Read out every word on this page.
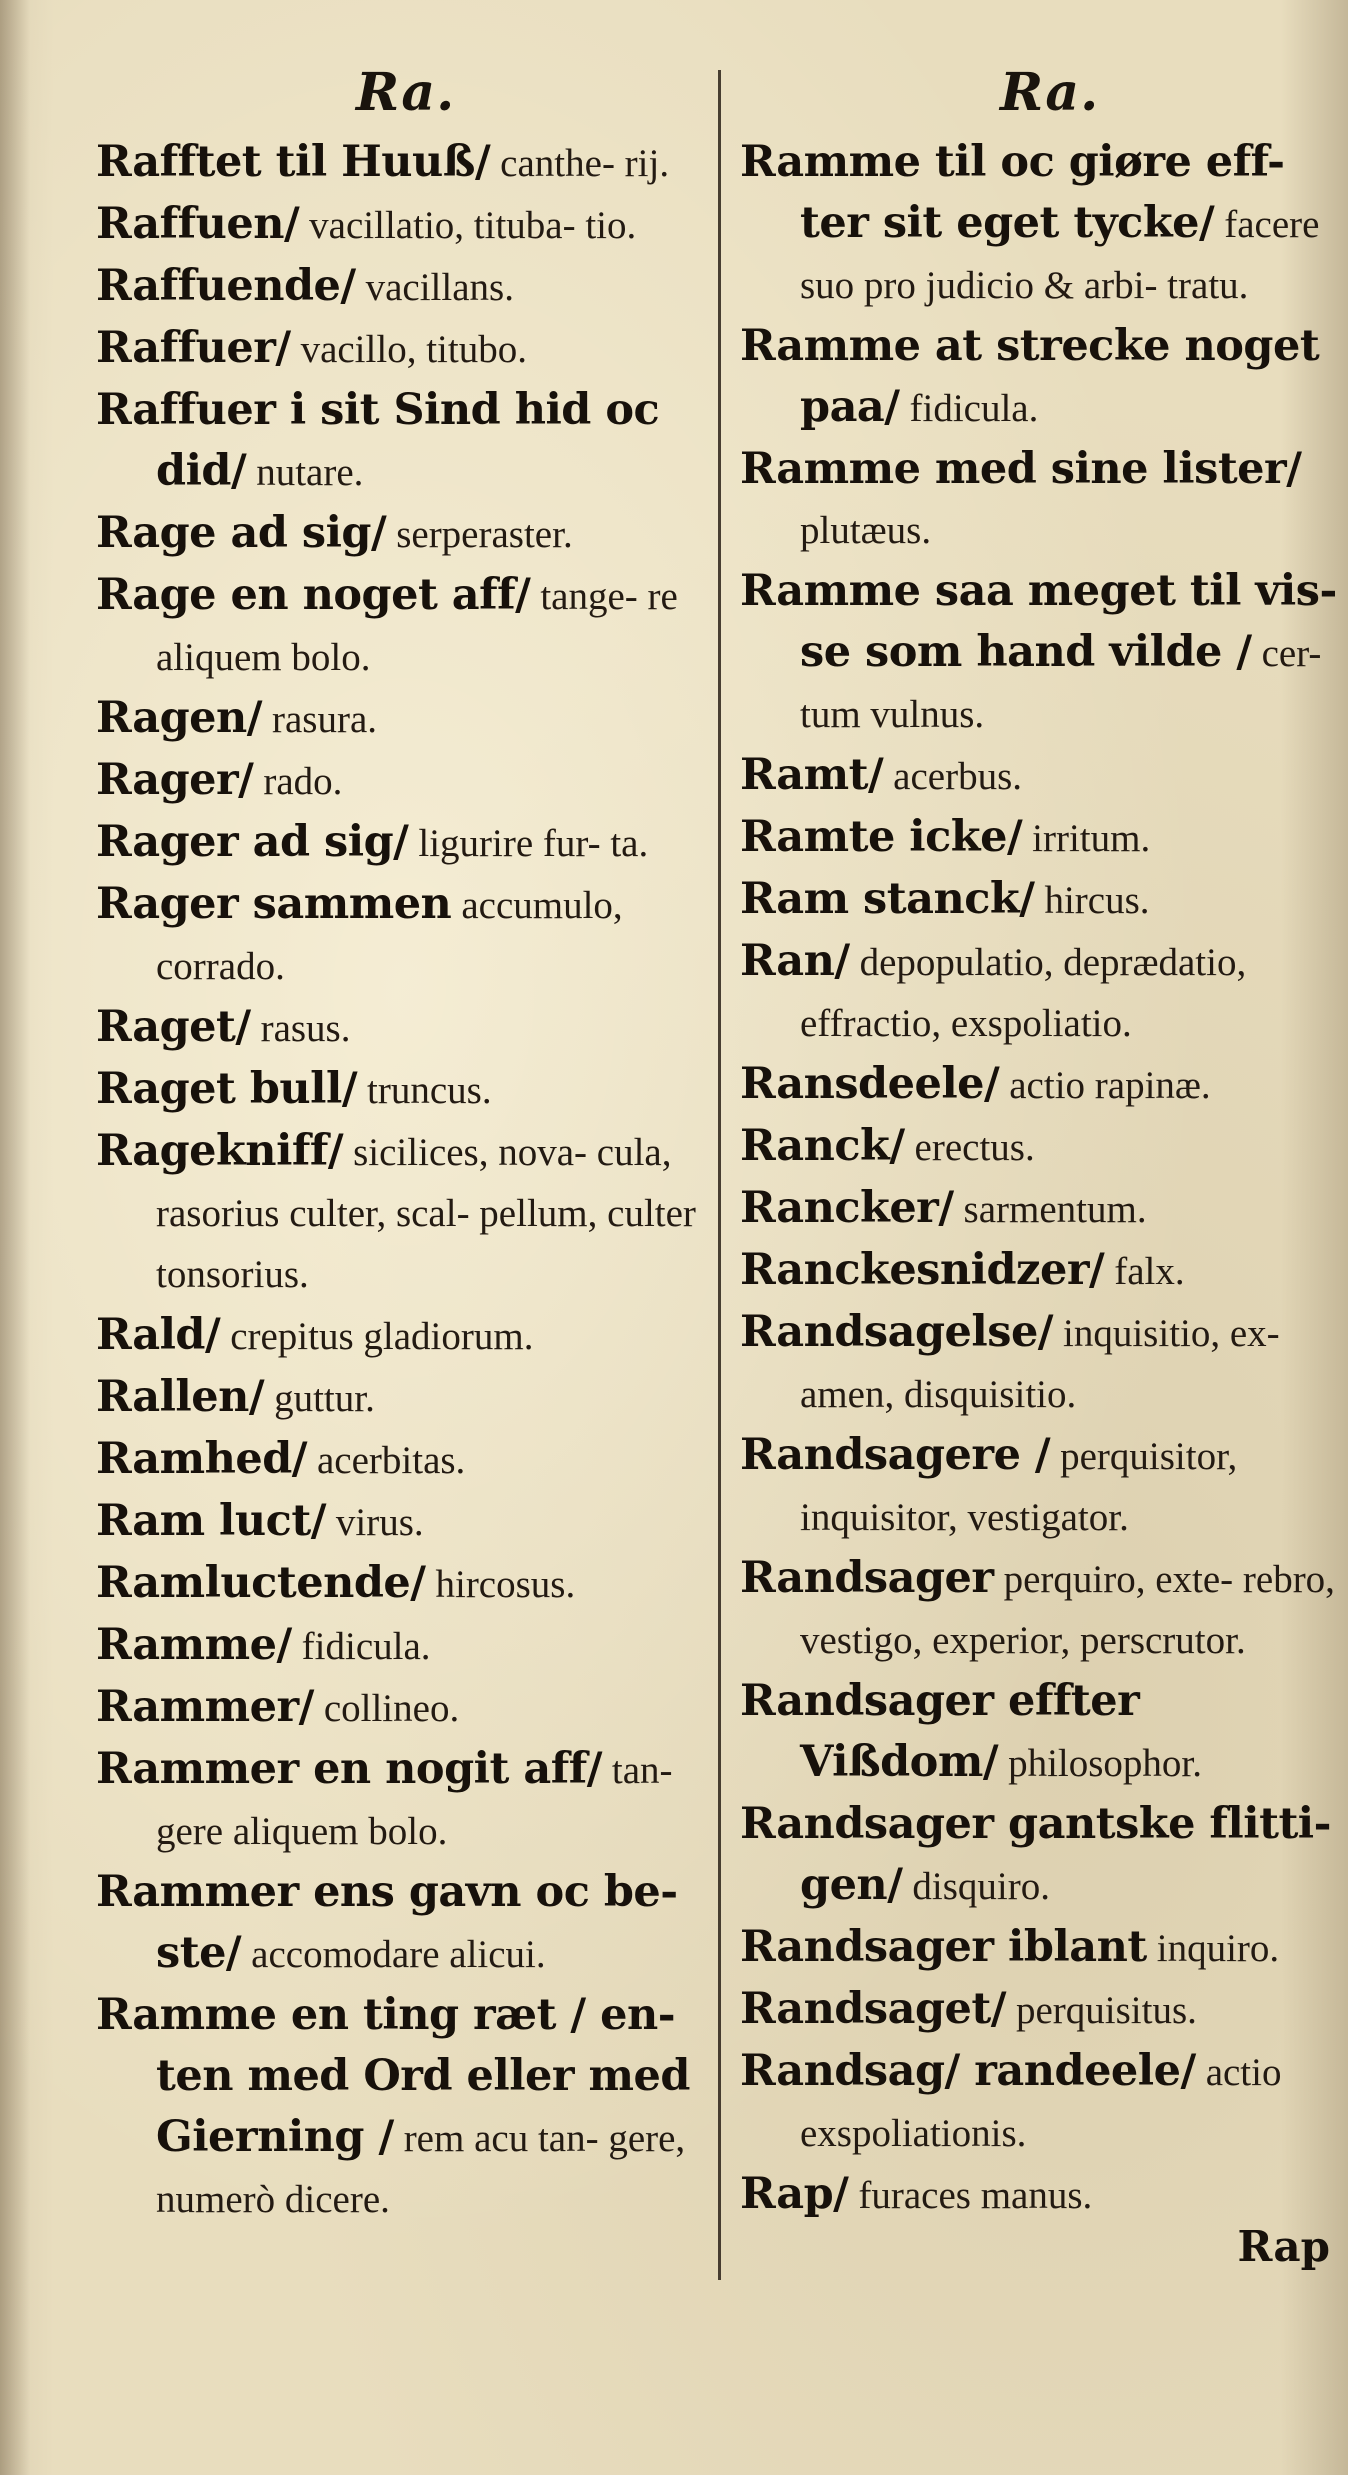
Ra.

Rafftet til Huuß/ canthe- rij.

Raffuen/ vacillatio, tituba- tio.

Raffuende/ vacillans.

Raffuer/ vacillo, titubo.

Raffuer i sit Sind hid oc did/ nutare.

Rage ad sig/ serperaster.

Rage en noget aff/ tange- re aliquem bolo.

Ragen/ rasura.

Rager/ rado.

Rager ad sig/ ligurire fur- ta.

Rager sammen accumulo, corrado.

Raget/ rasus.

Raget bull/ truncus.

Ragekniff/ sicilices, nova- cula, rasorius culter, scal- pellum, culter tonsorius.

Rald/ crepitus gladiorum.

Rallen/ guttur.

Ramhed/ acerbitas.

Ram luct/ virus.

Ramluctende/ hircosus.

Ramme/ fidicula.

Rammer/ collineo.

Rammer en nogit aff/ tan- gere aliquem bolo.

Rammer ens gavn oc be- ste/ accomodare alicui.

Ramme en ting ræt / en- ten med Ord eller med Gierning / rem acu tan- gere, numerò dicere.

Ra.

Ramme til oc giøre eff- ter sit eget tycke/ facere suo pro judicio & arbi- tratu.

Ramme at strecke noget paa/ fidicula.

Ramme med sine lister/ plutæus.

Ramme saa meget til vis- se som hand vilde / cer- tum vulnus.

Ramt/ acerbus.

Ramte icke/ irritum.

Ram stanck/ hircus.

Ran/ depopulatio, deprædatio, effractio, exspoliatio.

Ransdeele/ actio rapinæ.

Ranck/ erectus.

Rancker/ sarmentum.

Ranckesnidzer/ falx.

Randsagelse/ inquisitio, ex- amen, disquisitio.

Randsagere / perquisitor, inquisitor, vestigator.

Randsager perquiro, exte- rebro, vestigo, experior, perscrutor.

Randsager effter Vißdom/ philosophor.

Randsager gantske flitti- gen/ disquiro.

Randsager iblant inquiro.

Randsaget/ perquisitus.

Randsag/ randeele/ actio exspoliationis.

Rap/ furaces manus.

Rap
